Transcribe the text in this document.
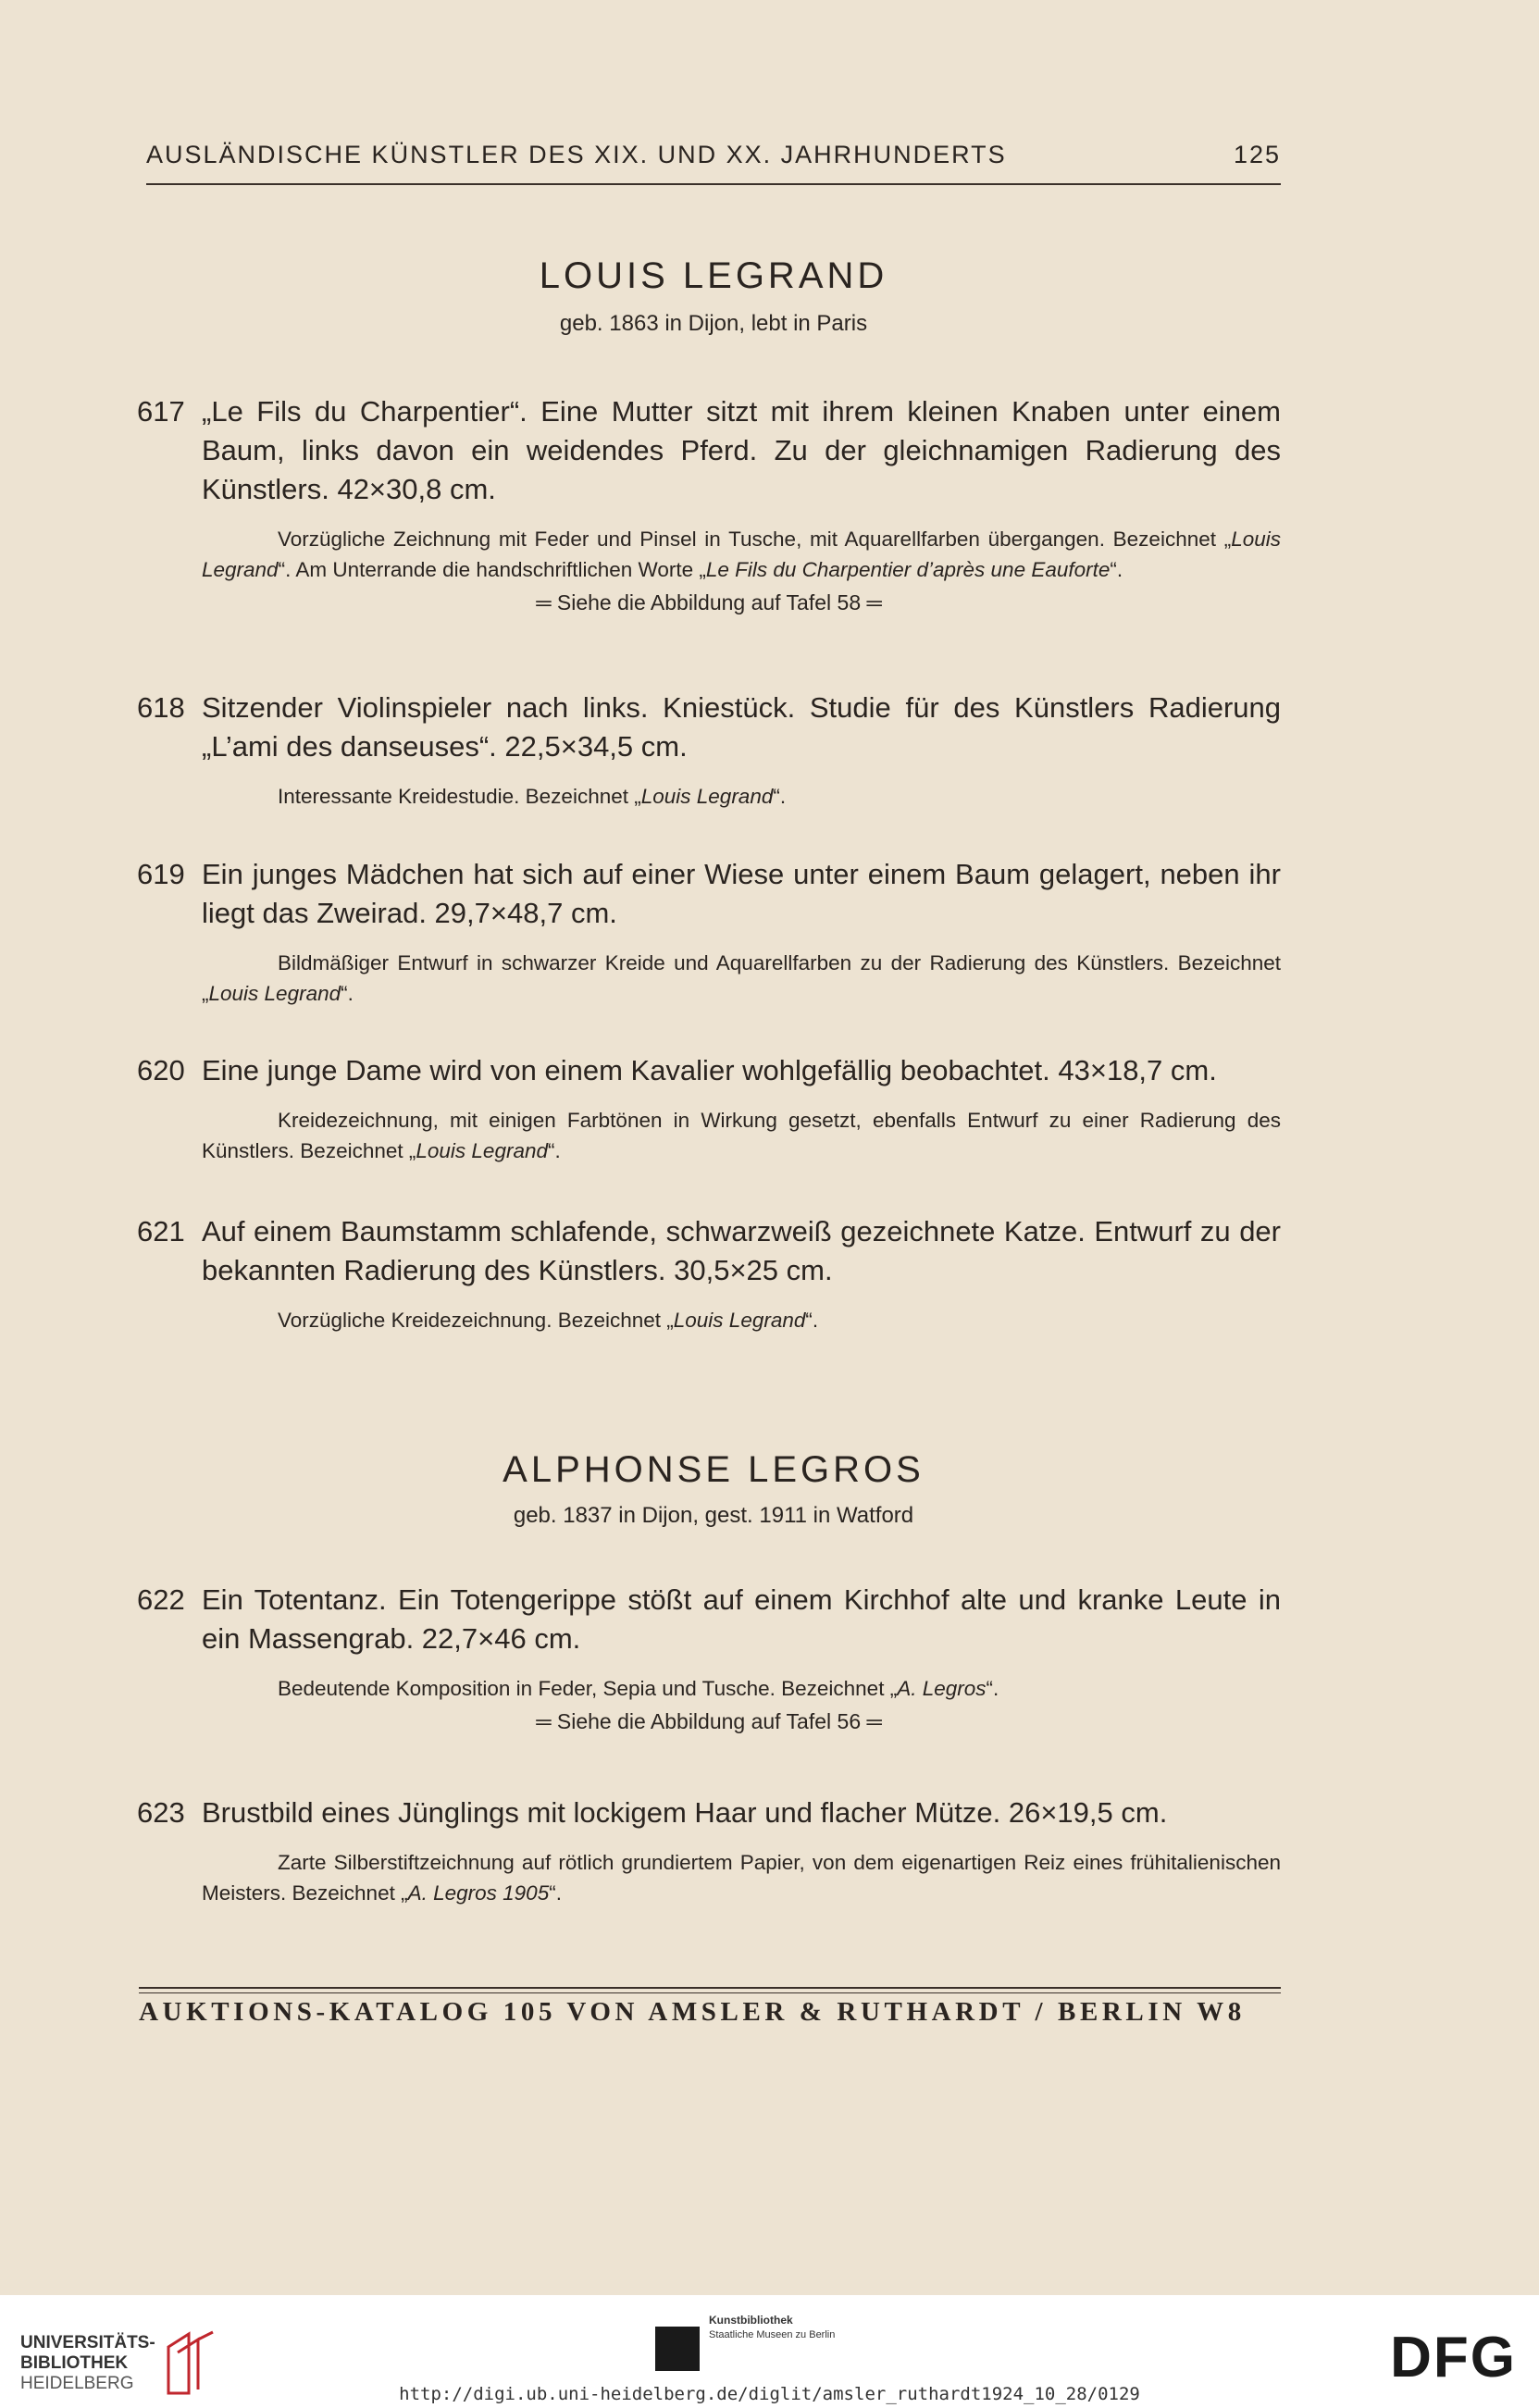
AUSLÄNDISCHE KÜNSTLER DES XIX. UND XX. JAHRHUNDERTS	125
LOUIS LEGRAND
geb. 1863 in Dijon, lebt in Paris
617 „Le Fils du Charpentier“. Eine Mutter sitzt mit ihrem kleinen Knaben unter einem Baum, links davon ein weidendes Pferd. Zu der gleichnamigen Radierung des Künstlers. 42×30,8 cm.
Vorzügliche Zeichnung mit Feder und Pinsel in Tusche, mit Aquarellfarben übergangen. Bezeichnet „Louis Legrand“. Am Unterrande die handschriftlichen Worte „Le Fils du Charpentier d’après une Eauforte“.
═ Siehe die Abbildung auf Tafel 58 ═
618 Sitzender Violinspieler nach links. Kniestück. Studie für des Künstlers Radierung „L’ami des danseuses“. 22,5×34,5 cm.
Interessante Kreidestudie. Bezeichnet „Louis Legrand“.
619 Ein junges Mädchen hat sich auf einer Wiese unter einem Baum gelagert, neben ihr liegt das Zweirad. 29,7×48,7 cm.
Bildmäßiger Entwurf in schwarzer Kreide und Aquarellfarben zu der Radierung des Künstlers. Bezeichnet „Louis Legrand“.
620 Eine junge Dame wird von einem Kavalier wohlgefällig beobachtet. 43×18,7 cm.
Kreidezeichnung, mit einigen Farbtönen in Wirkung gesetzt, ebenfalls Entwurf zu einer Radierung des Künstlers. Bezeichnet „Louis Legrand“.
621 Auf einem Baumstamm schlafende, schwarzweiß gezeichnete Katze. Entwurf zu der bekannten Radierung des Künstlers. 30,5×25 cm.
Vorzügliche Kreidezeichnung. Bezeichnet „Louis Legrand“.
ALPHONSE LEGROS
geb. 1837 in Dijon, gest. 1911 in Watford
622 Ein Totentanz. Ein Totengerippe stößt auf einem Kirchhof alte und kranke Leute in ein Massengrab. 22,7×46 cm.
Bedeutende Komposition in Feder, Sepia und Tusche. Bezeichnet „A. Legros“.
═ Siehe die Abbildung auf Tafel 56 ═
623 Brustbild eines Jünglings mit lockigem Haar und flacher Mütze. 26×19,5 cm.
Zarte Silberstiftzeichnung auf rötlich grundiertem Papier, von dem eigenartigen Reiz eines frühitalienischen Meisters. Bezeichnet „A. Legros 1905“.
AUKTIONS-KATALOG 105 VON AMSLER & RUTHARDT / BERLIN W8
UNIVERSITÄTS-
BIBLIOTHEK
HEIDELBERG
Kunstbibliothek
Staatliche Museen zu Berlin	DFG
http://digi.ub.uni-heidelberg.de/diglit/amsler_ruthardt1924_10_28/0129
